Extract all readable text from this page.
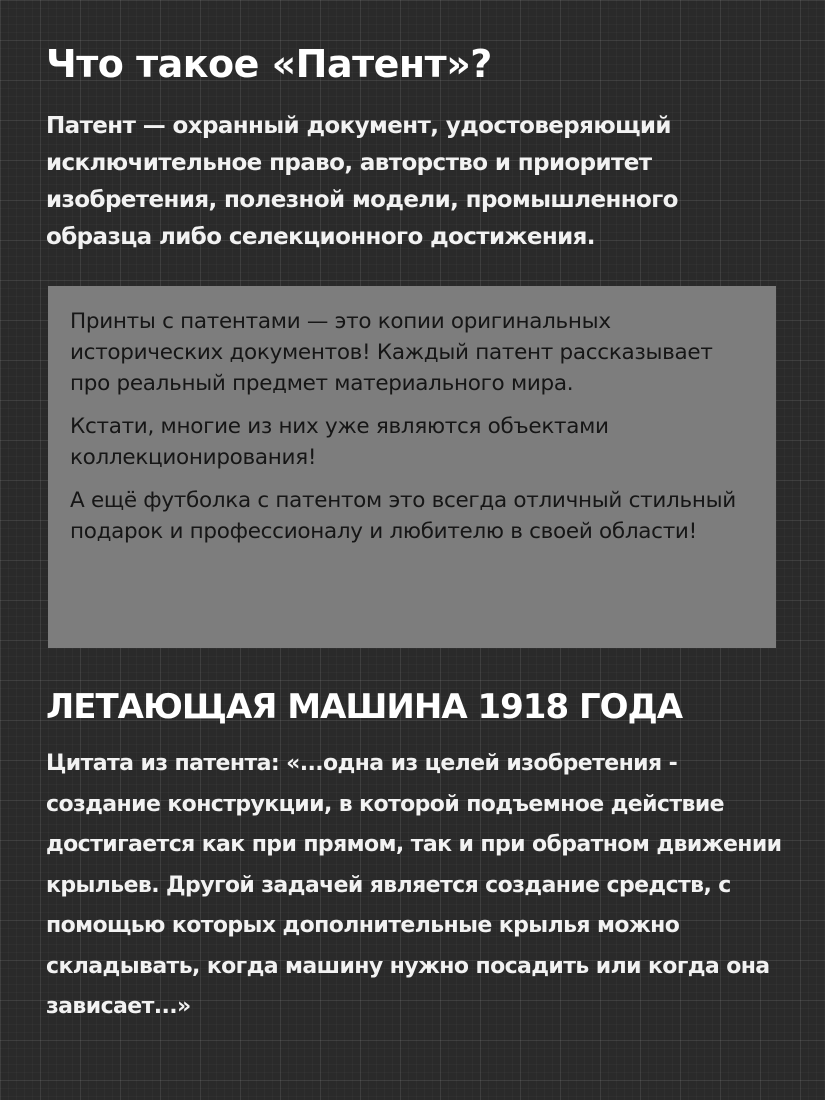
Что такое «Патент»?

Патент — охранный документ, удостоверяющий исключительное право, авторство и приоритет изобретения, полезной модели, промышленного образца либо селекционного достижения.

Принты с патентами — это копии оригинальных исторических документов! Каждый патент рассказывает про реальный предмет материального мира.

Кстати, многие из них уже являются объектами коллекционирования!

А ещё футболка с патентом это всегда отличный стильный подарок и профессионалу и любителю в своей области!

ЛЕТАЮЩАЯ МАШИНА 1918 ГОДА

Цитата из патента: «...одна из целей изобретения - создание конструкции, в которой подъемное действие достигается как при прямом, так и при обратном движении крыльев. Другой задачей является создание средств, с помощью которых дополнительные крылья можно складывать, когда машину нужно посадить или когда она зависает...»
